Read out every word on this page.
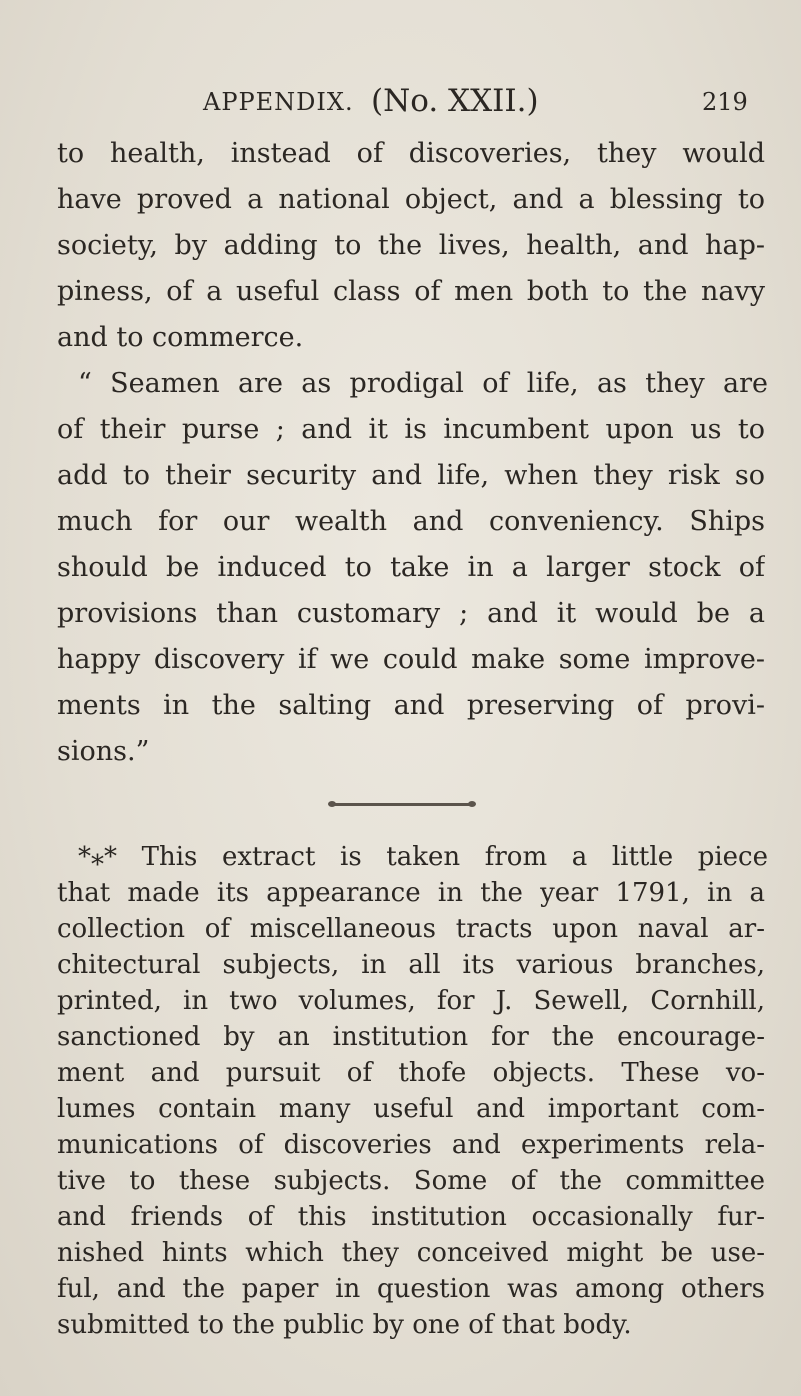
APPENDIX. (No. XXII.)	219
to health, instead of discoveries, they would
have proved a national object, and a blessing to
society, by adding to the lives, health, and hap-
piness, of a useful class of men both to the navy
and to commerce.
“ Seamen are as prodigal of life, as they are
of their purse ; and it is incumbent upon us to
add to their security and life, when they risk so
much for our wealth and conveniency. Ships
should be induced to take in a larger stock of
provisions than customary ; and it would be a
happy discovery if we could make some improve-
ments in the salting and preserving of provi-
sions.”
*⁎* This extract is taken from a little piece
that made its appearance in the year 1791, in a
collection of miscellaneous tracts upon naval ar-
chitectural subjects, in all its various branches,
printed, in two volumes, for J. Sewell, Cornhill,
sanctioned by an institution for the encourage-
ment and pursuit of thofe objects. These vo-
lumes contain many useful and important com-
munications of discoveries and experiments rela-
tive to these subjects. Some of the committee
and friends of this institution occasionally fur-
nished hints which they conceived might be use-
ful, and the paper in question was among others
submitted to the public by one of that body.
